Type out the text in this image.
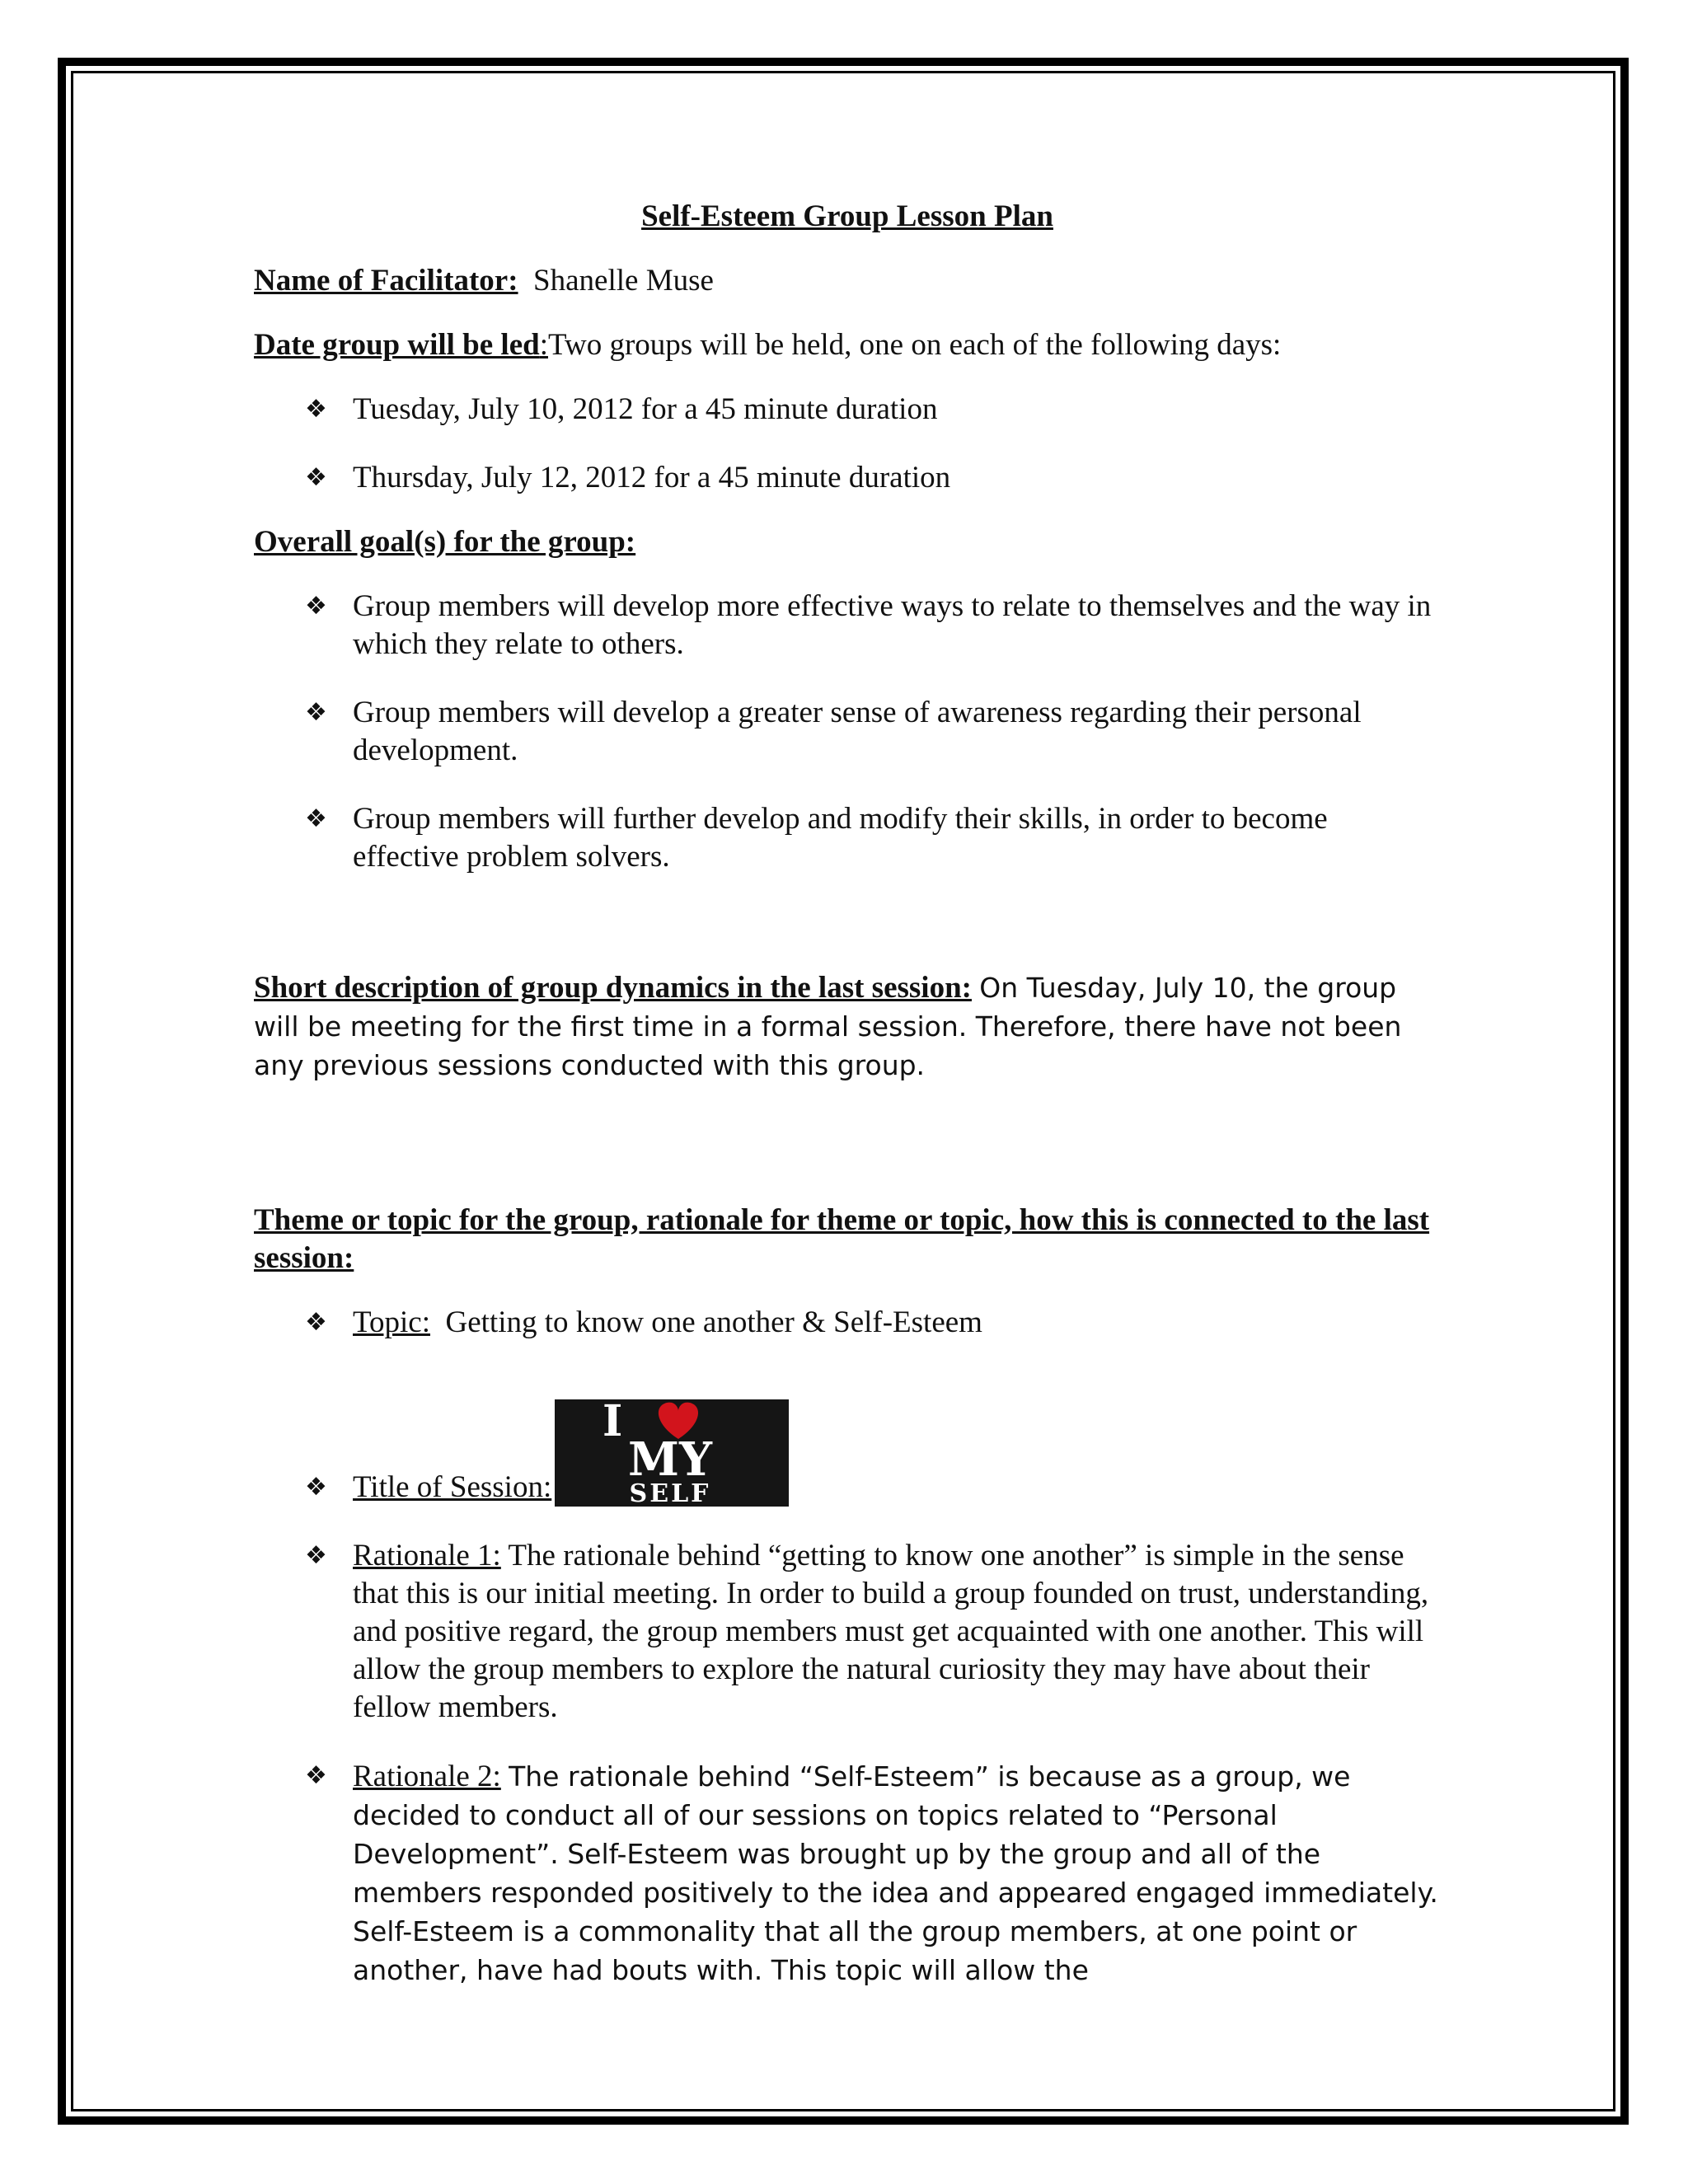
Self-Esteem Group Lesson Plan
Name of Facilitator: Shanelle Muse
Date group will be led:Two groups will be held, one on each of the following days:
❖ Tuesday, July 10, 2012 for a 45 minute duration
❖ Thursday, July 12, 2012 for a 45 minute duration
Overall goal(s) for the group:
❖ Group members will develop more effective ways to relate to themselves and the way in which they relate to others.
❖ Group members will develop a greater sense of awareness regarding their personal development.
❖ Group members will further develop and modify their skills, in order to become effective problem solvers.
Short description of group dynamics in the last session: On Tuesday, July 10, the group will be meeting for the first time in a formal session. Therefore, there have not been any previous sessions conducted with this group.
Theme or topic for the group, rationale for theme or topic, how this is connected to the last session:
❖ Topic: Getting to know one another & Self-Esteem
❖ Title of Session:
I
MY
SELF
❖ Rationale 1: The rationale behind “getting to know one another” is simple in the sense that this is our initial meeting. In order to build a group founded on trust, understanding, and positive regard, the group members must get acquainted with one another. This will allow the group members to explore the natural curiosity they may have about their fellow members.
❖ Rationale 2: The rationale behind “Self-Esteem” is because as a group, we decided to conduct all of our sessions on topics related to “Personal Development”. Self-Esteem was brought up by the group and all of the members responded positively to the idea and appeared engaged immediately. Self-Esteem is a commonality that all the group members, at one point or another, have had bouts with. This topic will allow the
